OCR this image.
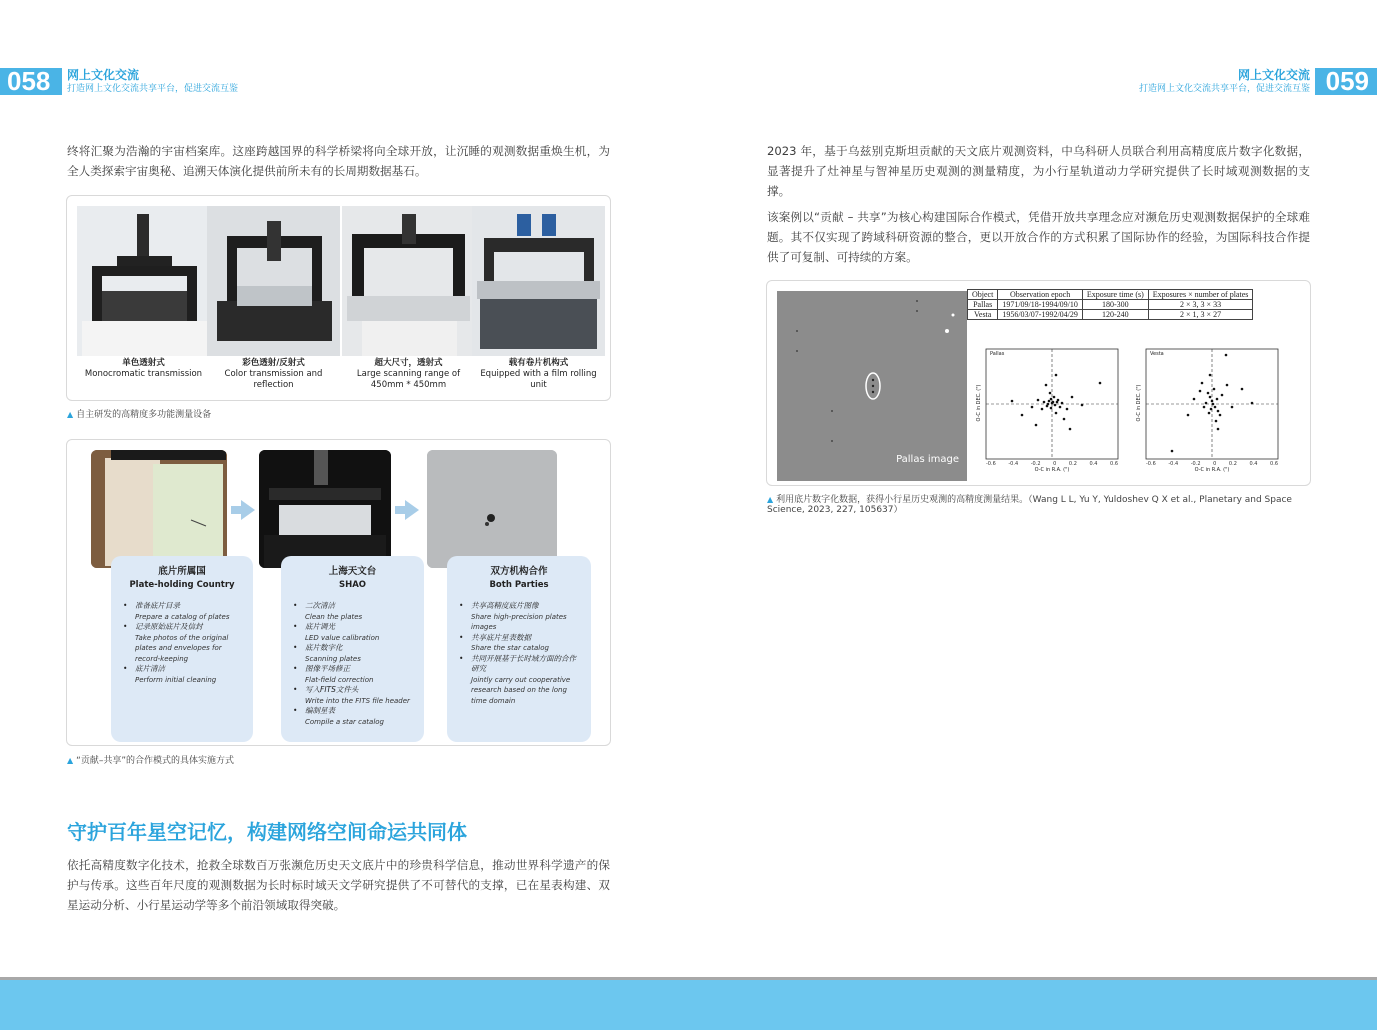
058	网上文化交流
打造网上文化交流共享平台，促进交流互鉴	059
网上文化交流
打造网上文化交流共享平台，促进交流互鉴
终将汇聚为浩瀚的宇宙档案库。这座跨越国界的科学桥梁将向全球开放，让沉睡的观测数据重焕生机，为全人类探索宇宙奥秘、追溯天体演化提供前所未有的长周期数据基石。
单色透射式
Monocromatic transmission
彩色透射/反射式
Color transmission and reflection
超大尺寸，透射式
Large scanning range of 450mm * 450mm
载有卷片机构式
Equipped with a film rolling unit
▲ 自主研发的高精度多功能测量设备
底片所属国
Plate-holding Country
• 准备底片目录
Prepare a catalog of plates
• 记录原始底片及信封
Take photos of the original plates and envelopes for record-keeping
• 底片清洁
Perform initial cleaning
上海天文台
SHAO
• 二次清洁
Clean the plates
• 底片调光
LED value calibration
• 底片数字化
Scanning plates
• 图像平场修正
Flat-field correction
• 写入FITS文件头
Write into the FITS file header
• 编制星表
Compile a star catalog
双方机构合作
Both Parties
• 共享高精度底片图像
Share high-precision plates images
• 共享底片星表数据
Share the star catalog
• 共同开展基于长时域方面的合作研究
Jointly carry out cooperative research based on the long time domain
▲ “贡献–共享”的合作模式的具体实施方式
守护百年星空记忆，构建网络空间命运共同体
依托高精度数字化技术，抢救全球数百万张濒危历史天文底片中的珍贵科学信息，推动世界科学遗产的保护与传承。这些百年尺度的观测数据为长时标时域天文学研究提供了不可替代的支撑，已在星表构建、双星运动分析、小行星运动学等多个前沿领域取得突破。
2023 年，基于乌兹别克斯坦贡献的天文底片观测资料，中乌科研人员联合利用高精度底片数字化数据，显著提升了灶神星与智神星历史观测的测量精度，为小行星轨道动力学研究提供了长时域观测数据的支撑。
该案例以“贡献 – 共享”为核心构建国际合作模式，凭借开放共享理念应对濒危历史观测数据保护的全球难题。其不仅实现了跨域科研资源的整合，更以开放合作的方式积累了国际协作的经验，为国际科技合作提供了可复制、可持续的方案。
Pallas image
Object	Observation epoch	Exposure time (s)	Exposures × number of plates
Pallas	1971/09/18-1994/09/10	180-300	2 × 3, 3 × 33
Vesta	1956/03/07-1992/04/29	120-240	2 × 1, 3 × 27
Pallas
O-C in DEC. (")
-0.6	-0.4	-0.2	0	0.2	0.4	0.6
O-C in R.A. (")
Vesta
O-C in DEC. (")
-0.6	-0.4	-0.2	0	0.2	0.4	0.6
O-C in R.A. (")
▲ 利用底片数字化数据，获得小行星历史观测的高精度测量结果。（Wang L L, Yu Y, Yuldoshev Q X et al., Planetary and Space Science, 2023, 227, 105637）
